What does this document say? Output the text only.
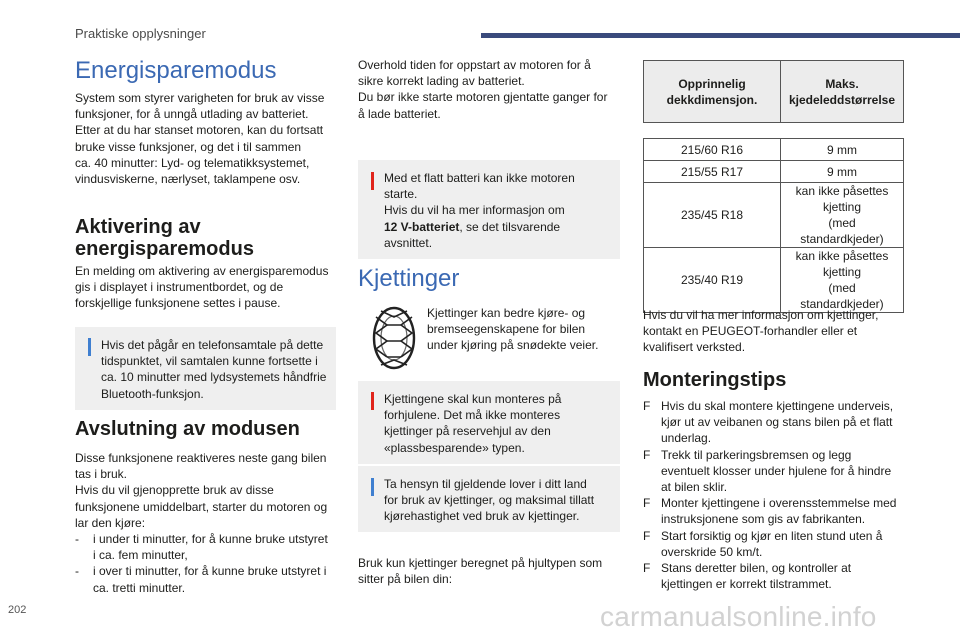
Praktiske opplysninger
Energisparemodus

System som styrer varigheten for bruk av visse
funksjoner, for å unngå utlading av batteriet.
Etter at du har stanset motoren, kan du fortsatt
bruke visse funksjoner, og det i til sammen
ca. 40 minutter: Lyd- og telematikksystemet,
vindusviskerne, nærlyset, taklampene osv.

Aktivering av
energisparemodus

En melding om aktivering av energisparemodus
gis i displayet i instrumentbordet, og de
forskjellige funksjonene settes i pause.

Hvis det pågår en telefonsamtale på dette
tidspunktet, vil samtalen kunne fortsette i
ca. 10 minutter med lydsystemets håndfrie
Bluetooth-funksjon.
Avslutning av modusen

Disse funksjonene reaktiveres neste gang bilen
tas i bruk.
Hvis du vil gjenopprette bruk av disse
funksjonene umiddelbart, starter du motoren og
lar den kjøre:

- i under ti minutter, for å kunne bruke utstyret
i ca. fem minutter,
- i over ti minutter, for å kunne bruke utstyret i
ca. tretti minutter.

Overhold tiden for oppstart av motoren for å
sikre korrekt lading av batteriet.
Du bør ikke starte motoren gjentatte ganger for
å lade batteriet.

Med et flatt batteri kan ikke motoren
starte.
Hvis du vil ha mer informasjon om
12 V-batteriet, se det tilsvarende
avsnittet.
Kjettinger

Kjettinger kan bedre kjøre- og
bremseegenskapene for bilen
under kjøring på snødekte veier.

Kjettingene skal kun monteres på
forhjulene. Det må ikke monteres
kjettinger på reservehjul av den
«plassbesparende» typen.
Ta hensyn til gjeldende lover i ditt land
for bruk av kjettinger, og maksimal tillatt
kjørehastighet ved bruk av kjettinger.

Bruk kun kjettinger beregnet på hjultypen som
sitter på bilen din:

Opprinnelig
dekkdimensjon.	Maks.
kjedeleddstørrelse

215/60 R16	9 mm
215/55 R17	9 mm
235/45 R18	kan ikke påsettes
kjetting
(med standardkjeder)
235/40 R19	kan ikke påsettes
kjetting
(med standardkjeder)

Hvis du vil ha mer informasjon om kjettinger,
kontakt en PEUGEOT-forhandler eller et
kvalifisert verksted.

Monteringstips
F Hvis du skal montere kjettingene underveis,
kjør ut av veibanen og stans bilen på et flatt
underlag.
F Trekk til parkeringsbremsen og legg
eventuelt klosser under hjulene for å hindre
at bilen sklir.
F Monter kjettingene i overensstemmelse med
instruksjonene som gis av fabrikanten.
F Start forsiktig og kjør en liten stund uten å
overskride 50 km/t.
F Stans deretter bilen, og kontroller at
kjettingen er korrekt tilstrammet.
202	carmanualsonline.info
